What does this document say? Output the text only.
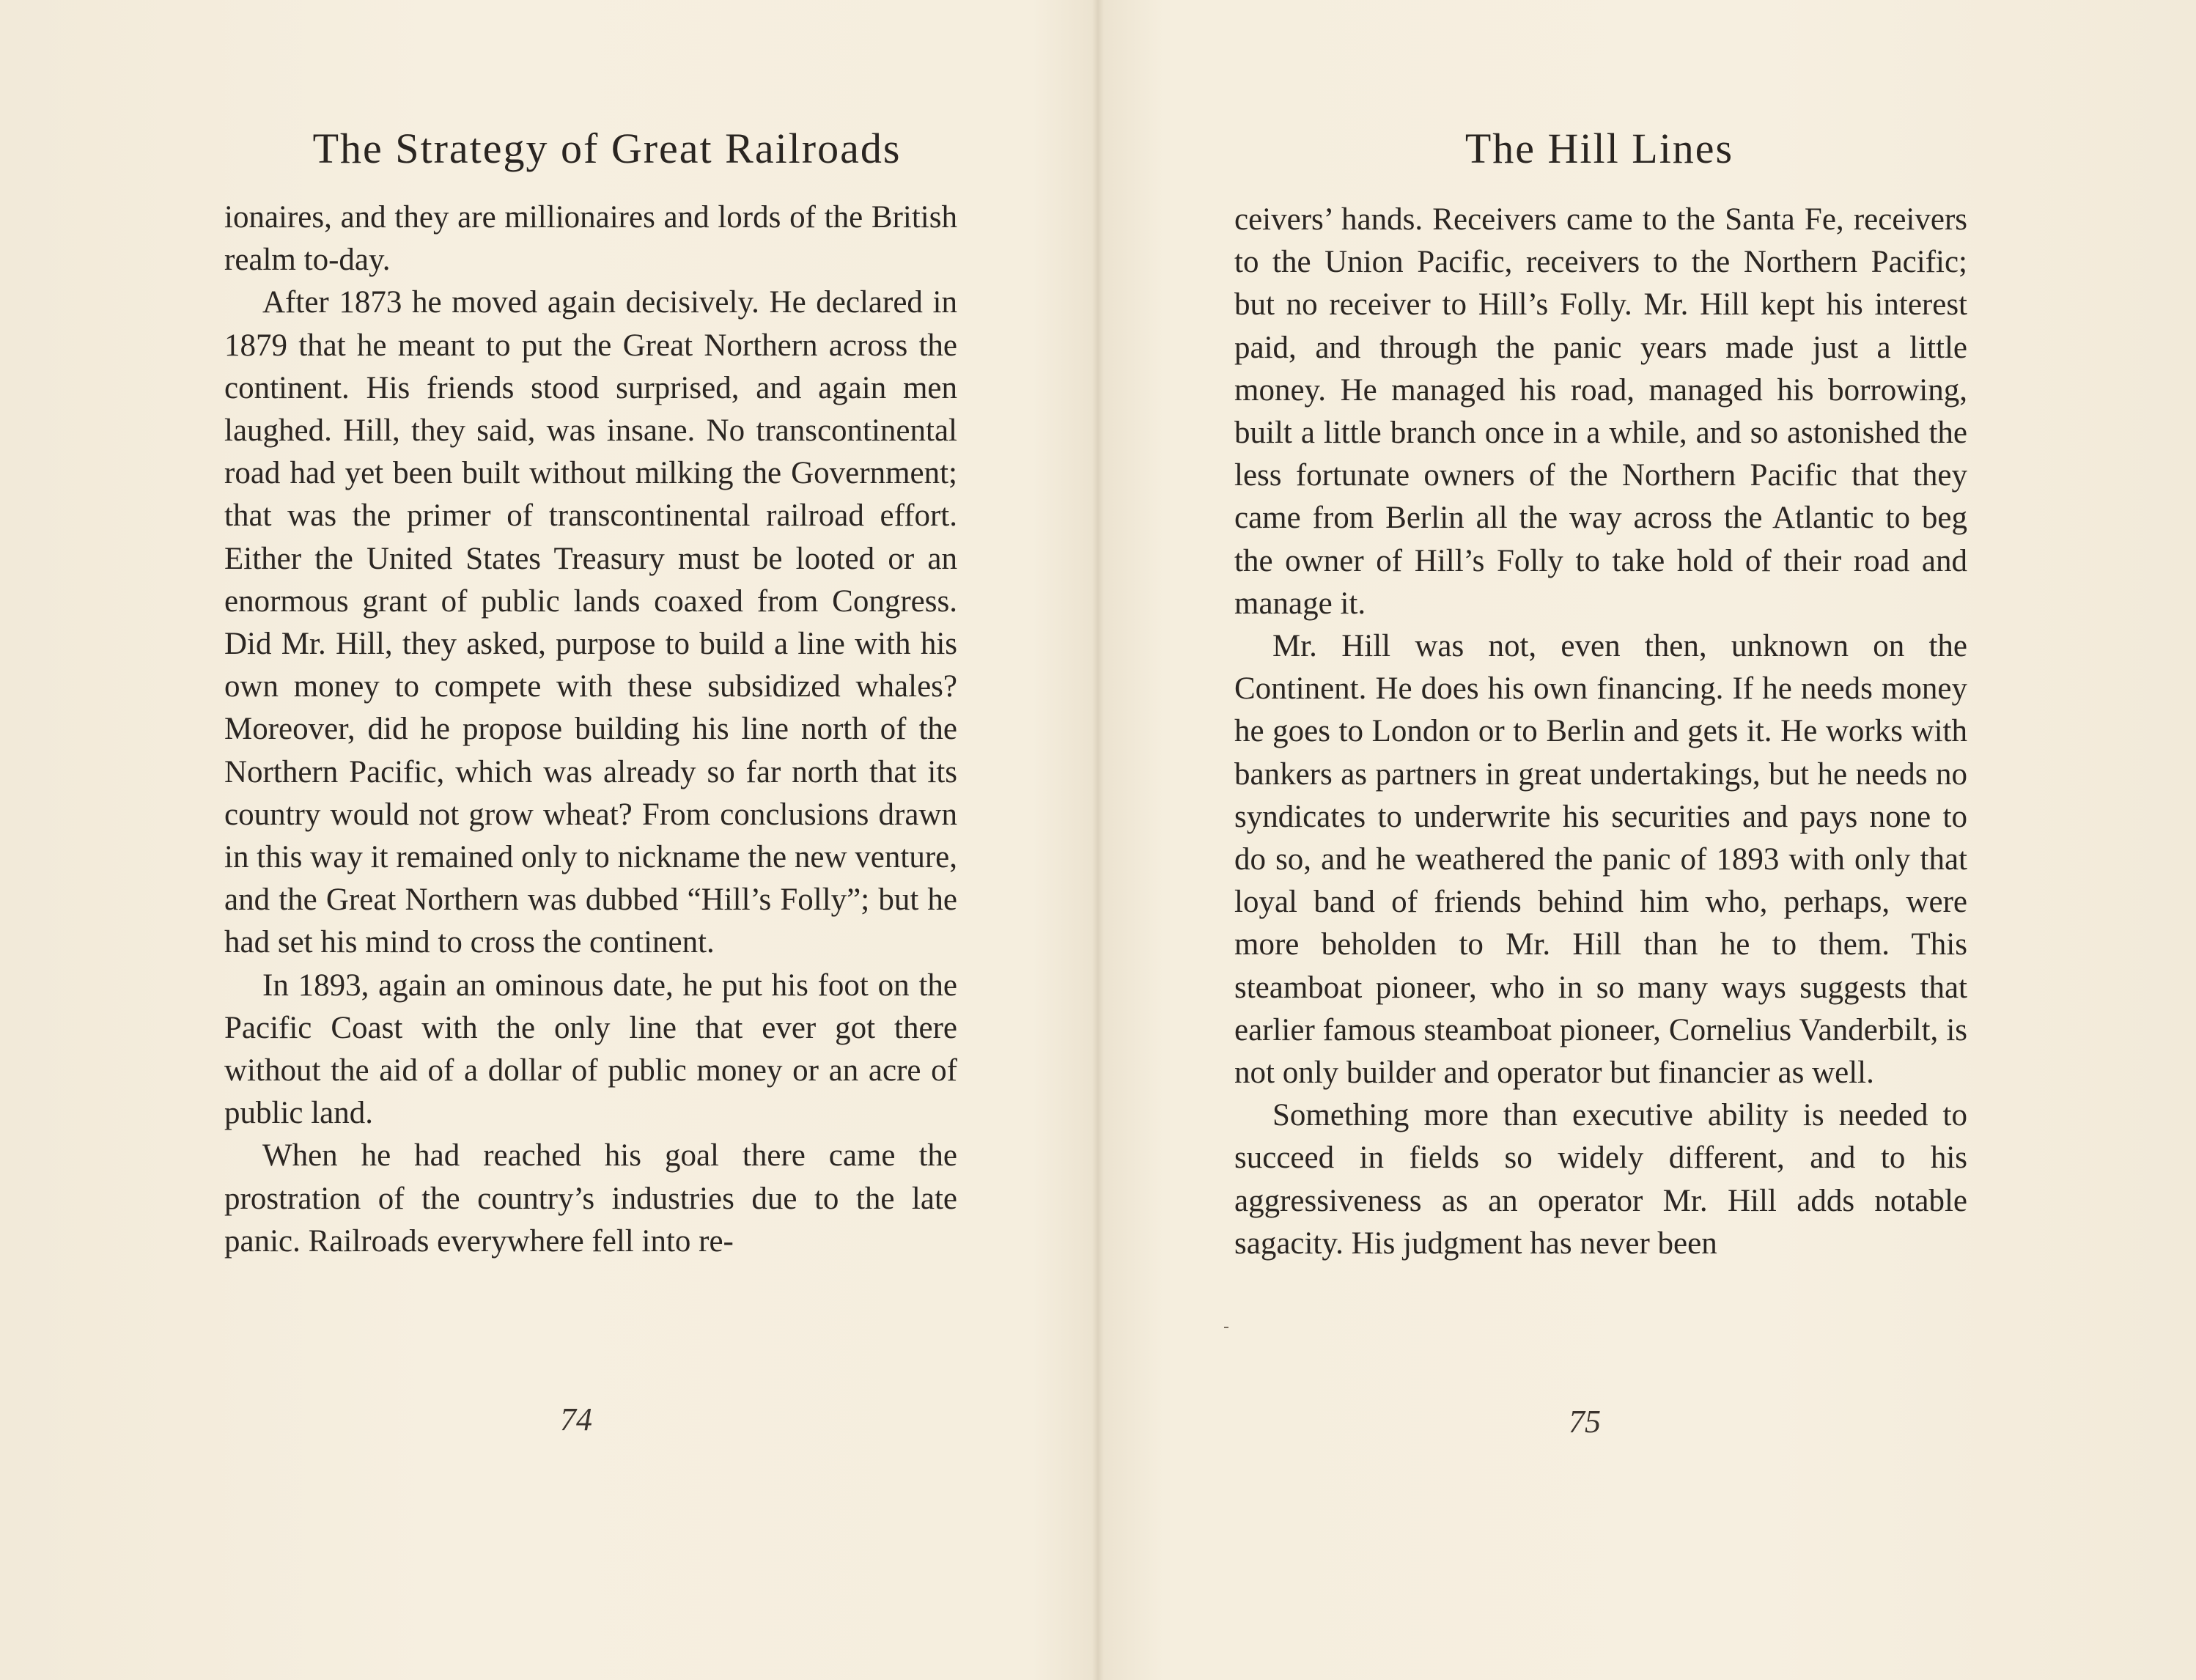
The Strategy of Great Railroads

ionaires, and they are millionaires and lords of the British realm to-day.

After 1873 he moved again decisively. He declared in 1879 that he meant to put the Great Northern across the continent. His friends stood surprised, and again men laughed. Hill, they said, was insane. No transcontinental road had yet been built without milking the Government; that was the primer of transcontinental railroad effort. Either the United States Treasury must be looted or an enormous grant of public lands coaxed from Congress. Did Mr. Hill, they asked, purpose to build a line with his own money to compete with these subsidized whales? Moreover, did he propose building his line north of the Northern Pacific, which was already so far north that its country would not grow wheat? From conclusions drawn in this way it remained only to nickname the new venture, and the Great Northern was dubbed “Hill’s Folly”; but he had set his mind to cross the continent.

In 1893, again an ominous date, he put his foot on the Pacific Coast with the only line that ever got there without the aid of a dollar of public money or an acre of public land.

When he had reached his goal there came the prostration of the country’s industries due to the late panic. Railroads everywhere fell into re-

74
The Hill Lines

ceivers’ hands. Receivers came to the Santa Fe, receivers to the Union Pacific, receivers to the Northern Pacific; but no receiver to Hill’s Folly. Mr. Hill kept his interest paid, and through the panic years made just a little money. He managed his road, managed his borrowing, built a little branch once in a while, and so astonished the less fortunate owners of the Northern Pacific that they came from Berlin all the way across the Atlantic to beg the owner of Hill’s Folly to take hold of their road and manage it.

Mr. Hill was not, even then, unknown on the Continent. He does his own financing. If he needs money he goes to London or to Berlin and gets it. He works with bankers as partners in great undertakings, but he needs no syndicates to underwrite his securities and pays none to do so, and he weathered the panic of 1893 with only that loyal band of friends behind him who, perhaps, were more beholden to Mr. Hill than he to them. This steamboat pioneer, who in so many ways suggests that earlier famous steamboat pioneer, Cornelius Vanderbilt, is not only builder and operator but financier as well.

Something more than executive ability is needed to succeed in fields so widely different, and to his aggressiveness as an operator Mr. Hill adds notable sagacity. His judgment has never been

75
